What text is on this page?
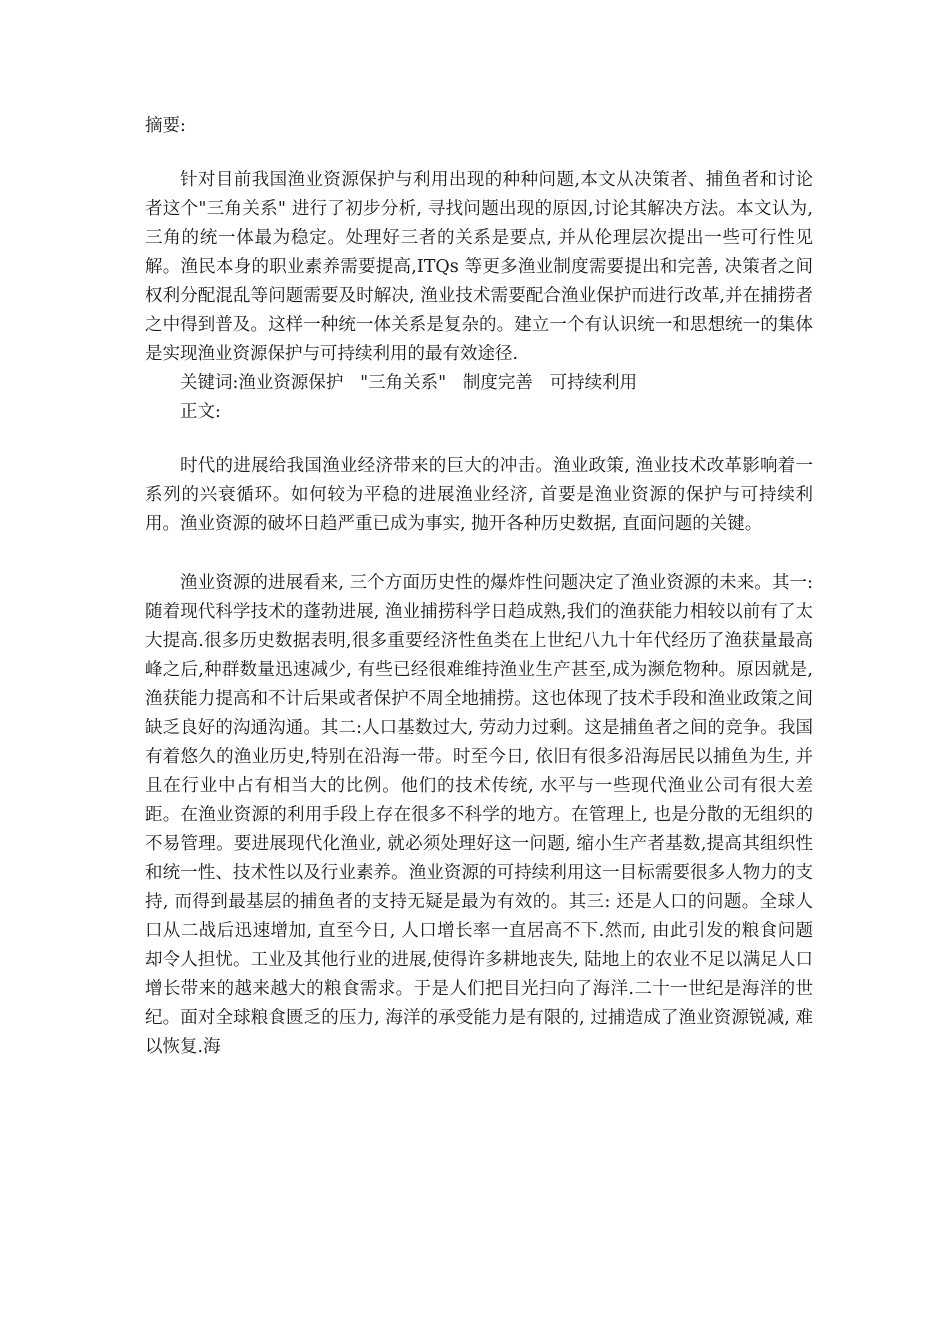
摘要:

针对目前我国渔业资源保护与利用出现的种种问题,本文从决策者、捕鱼者和讨论者这个"三角关系" 进行了初步分析, 寻找问题出现的原因,讨论其解决方法。本文认为,三角的统一体最为稳定。处理好三者的关系是要点, 并从伦理层次提出一些可行性见解。渔民本身的职业素养需要提高,ITQs 等更多渔业制度需要提出和完善, 决策者之间权利分配混乱等问题需要及时解决, 渔业技术需要配合渔业保护而进行改革,并在捕捞者之中得到普及。这样一种统一体关系是复杂的。建立一个有认识统一和思想统一的集体是实现渔业资源保护与可持续利用的最有效途径.

关键词:渔业资源保护 "三角关系" 制度完善 可持续利用

正文:

时代的进展给我国渔业经济带来的巨大的冲击。渔业政策, 渔业技术改革影响着一系列的兴衰循环。如何较为平稳的进展渔业经济, 首要是渔业资源的保护与可持续利用。渔业资源的破坏日趋严重已成为事实, 抛开各种历史数据, 直面问题的关键。

渔业资源的进展看来, 三个方面历史性的爆炸性问题决定了渔业资源的未来。其一: 随着现代科学技术的蓬勃进展, 渔业捕捞科学日趋成熟,我们的渔获能力相较以前有了太大提高.很多历史数据表明,很多重要经济性鱼类在上世纪八九十年代经历了渔获量最高峰之后,种群数量迅速减少, 有些已经很难维持渔业生产甚至,成为濒危物种。原因就是, 渔获能力提高和不计后果或者保护不周全地捕捞。这也体现了技术手段和渔业政策之间缺乏良好的沟通沟通。其二:人口基数过大, 劳动力过剩。这是捕鱼者之间的竞争。我国有着悠久的渔业历史,特别在沿海一带。时至今日, 依旧有很多沿海居民以捕鱼为生, 并且在行业中占有相当大的比例。他们的技术传统, 水平与一些现代渔业公司有很大差距。在渔业资源的利用手段上存在很多不科学的地方。在管理上, 也是分散的无组织的不易管理。要进展现代化渔业, 就必须处理好这一问题, 缩小生产者基数,提高其组织性和统一性、技术性以及行业素养。渔业资源的可持续利用这一目标需要很多人物力的支持, 而得到最基层的捕鱼者的支持无疑是最为有效的。其三: 还是人口的问题。全球人口从二战后迅速增加, 直至今日, 人口增长率一直居高不下.然而, 由此引发的粮食问题却令人担忧。工业及其他行业的进展,使得许多耕地丧失, 陆地上的农业不足以满足人口增长带来的越来越大的粮食需求。于是人们把目光扫向了海洋.二十一世纪是海洋的世纪。面对全球粮食匮乏的压力, 海洋的承受能力是有限的, 过捕造成了渔业资源锐减, 难以恢复.海
